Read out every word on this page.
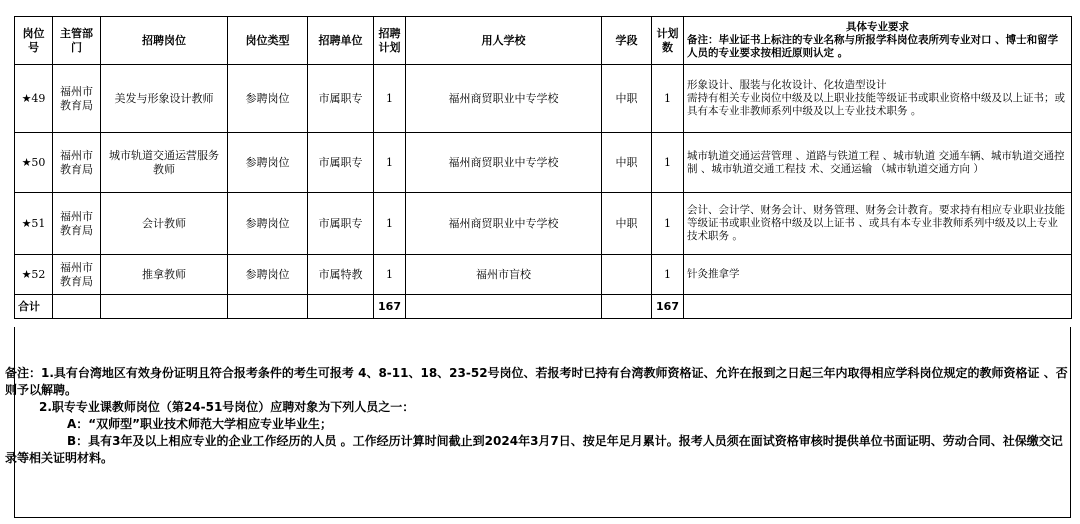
岗位号	主管部门	招聘岗位	岗位类型	招聘单位	招聘计划	用人学校	学段	计划数	具体专业要求
备注：毕业证书上标注的专业名称与所报学科岗位表所列专业对口 、博士和留学人员的专业要求按相近原则认定 。

★49	福州市教育局	美发与形象设计教师	参聘岗位	市属职专	1	福州商贸职业中专学校	中职	1	形象设计、服装与化妆设计、化妆造型设计
需持有相关专业岗位中级及以上职业技能等级证书或职业资格中级及以上证书；或具有本专业非教师系列中级及以上专业技术职务 。
★50	福州市教育局	城市轨道交通运营服务教师	参聘岗位	市属职专	1	福州商贸职业中专学校	中职	1	城市轨道交通运营管理 、道路与铁道工程 、城市轨道 交通车辆、城市轨道交通控制 、城市轨道交通工程技 术、交通运输 （城市轨道交通方向 ）
★51	福州市教育局	会计教师	参聘岗位	市属职专	1	福州商贸职业中专学校	中职	1	会计、会计学、财务会计、财务管理、财务会计教育。要求持有相应专业职业技能等级证书或职业资格中级及以上证书 、或具有本专业非教师系列中级及以上专业技术职务 。
★52	福州市教育局	推拿教师	参聘岗位	市属特教	1	福州市盲校		1	针灸推拿学
合计					167			167	

备注：1.具有台湾地区有效身份证明且符合报考条件的考生可报考 4、8-11、18、23-52号岗位、若报考时已持有台湾教师资格证、允许在报到之日起三年内取得相应学科岗位规定的教师资格证 、否则予以解聘。

2.职专专业课教师岗位（第24-51号岗位）应聘对象为下列人员之一：

A：“双师型”职业技术师范大学相应专业毕业生；

B：具有3年及以上相应专业的企业工作经历的人员 。工作经历计算时间截止到2024年3月7日、按足年足月累计。报考人员须在面试资格审核时提供单位书面证明、劳动合同、社保缴交记录等相关证明材料。
